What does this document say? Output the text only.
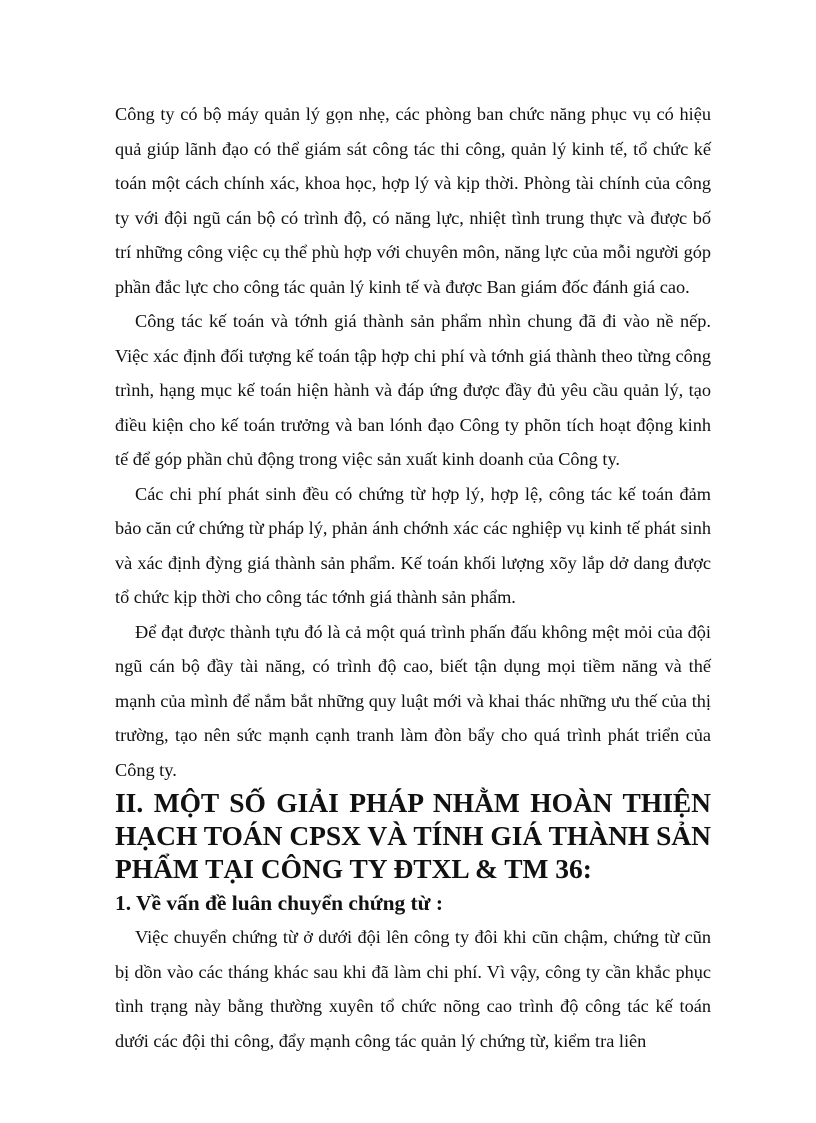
Công ty có bộ máy quản lý gọn nhẹ, các phòng ban chức năng phục vụ có hiệu quả giúp lãnh đạo có thể giám sát công tác thi công, quản lý kinh tế, tổ chức kế toán một cách chính xác, khoa học, hợp lý và kịp thời. Phòng tài chính của công ty với đội ngũ cán bộ có trình độ, có năng lực, nhiệt tình trung thực và được bố trí những công việc cụ thể phù hợp với chuyên môn, năng lực của mỗi người góp phần đắc lực cho công tác quản lý kinh tế và được Ban giám đốc đánh giá cao.

Công tác kế toán và tớnh giá thành sản phẩm nhìn chung đã đi vào nề nếp. Việc xác định đối tượng kế toán tập hợp chi phí và tớnh giá thành theo từng công trình, hạng mục kế toán hiện hành và đáp ứng được đầy đủ yêu cầu quản lý, tạo điều kiện cho kế toán trưởng và ban lónh đạo Công ty phõn tích hoạt động kinh tế để góp phần chủ động trong việc sản xuất kinh doanh của Công ty.

Các chi phí phát sinh đều có chứng từ hợp lý, hợp lệ, công tác kế toán đảm bảo căn cứ chứng từ pháp lý, phản ánh chớnh xác các nghiệp vụ kinh tế phát sinh và xác định đỳng giá thành sản phẩm. Kế toán khối lượng xõy lắp dở dang được tổ chức kịp thời cho công tác tớnh giá thành sản phẩm.

Để đạt được thành tựu đó là cả một quá trình phấn đấu không mệt mỏi của đội ngũ cán bộ đầy tài năng, có trình độ cao, biết tận dụng mọi tiềm năng và thế mạnh của mình để nắm bắt những quy luật mới và khai thác những ưu thế của thị trường, tạo nên sức mạnh cạnh tranh làm đòn bẩy cho quá trình phát triển của Công ty.

II. MỘT SỐ GIẢI PHÁP NHẰM HOÀN THIỆN HẠCH TOÁN CPSX VÀ TÍNH GIÁ THÀNH SẢN PHẨM TẠI CÔNG TY ĐTXL & TM 36:
1. Về vấn đề luân chuyển chứng từ :

Việc chuyển chứng từ ở dưới đội lên công ty đôi khi cũn chậm, chứng từ cũn bị dồn vào các tháng khác sau khi đã làm chi phí. Vì vậy, công ty cần khắc phục tình trạng này bằng thường xuyên tổ chức nõng cao trình độ công tác kế toán dưới các đội thi công, đẩy mạnh công tác quản lý chứng từ, kiểm tra liên
